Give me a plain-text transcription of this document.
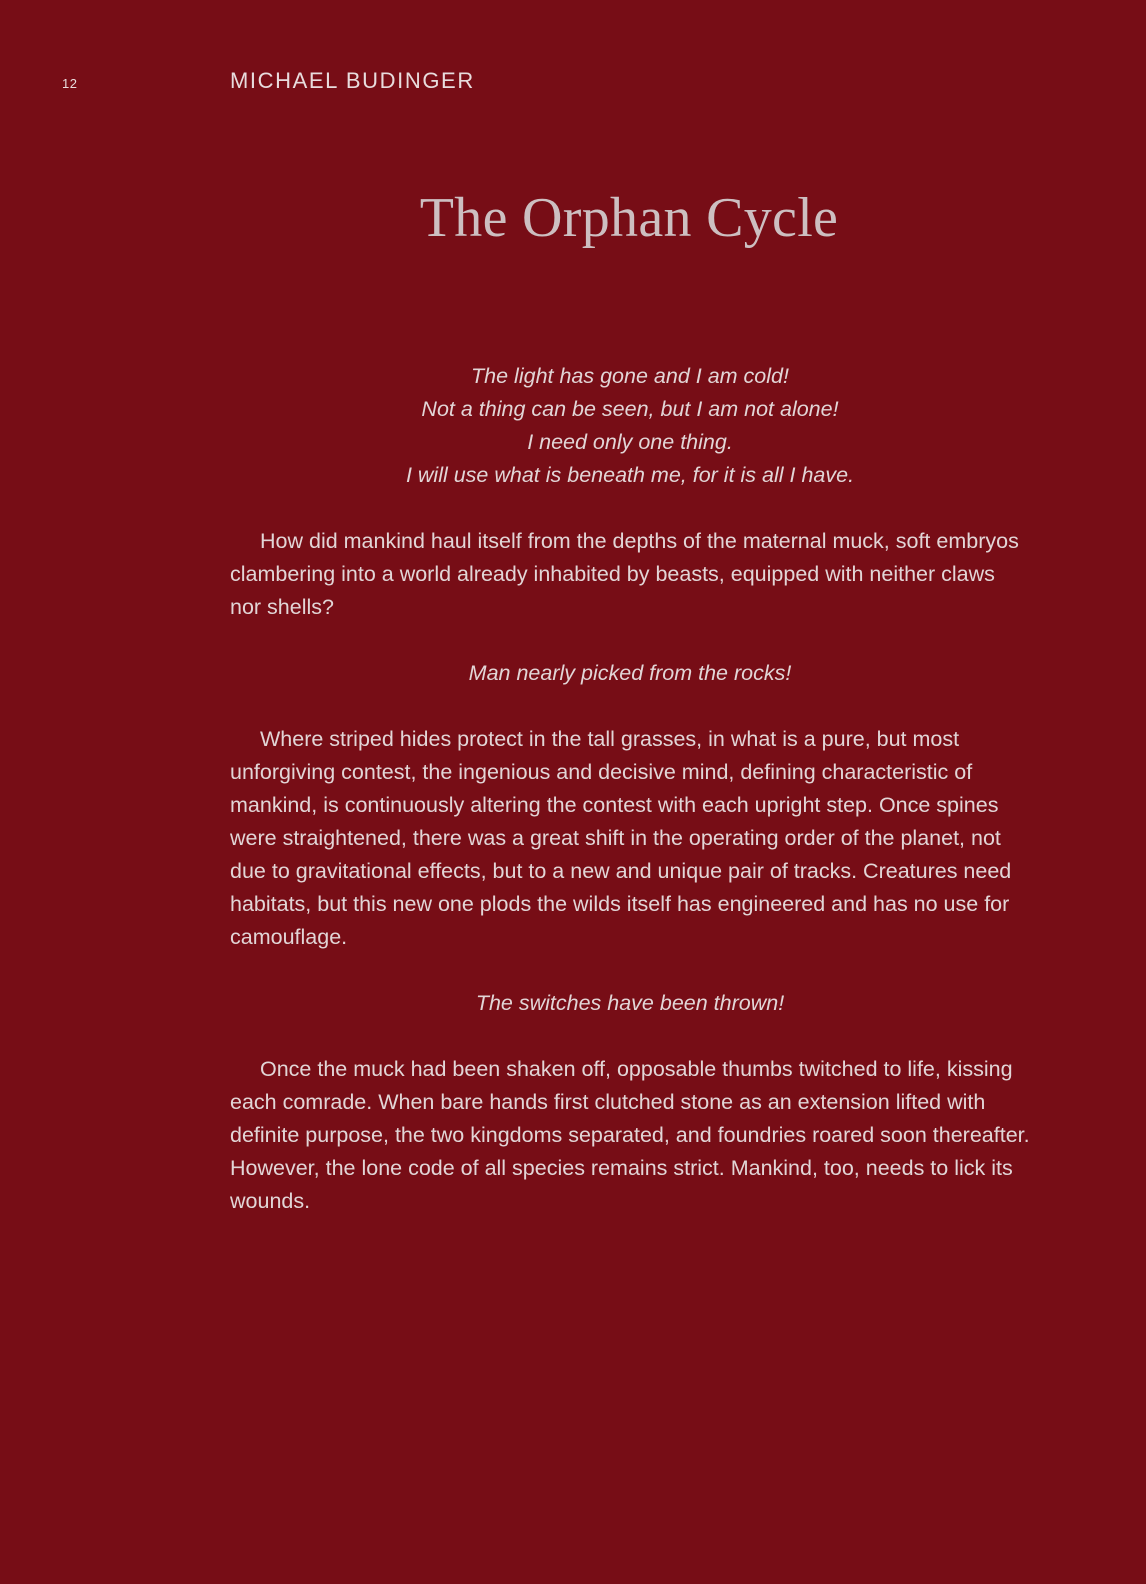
12	MICHAEL BUDINGER
The Orphan Cycle

The light has gone and I am cold!
Not a thing can be seen, but I am not alone!
I need only one thing.
I will use what is beneath me, for it is all I have.

How did mankind haul itself from the depths of the maternal muck, soft embryos clambering into a world already inhabited by beasts, equipped with neither claws nor shells?

Man nearly picked from the rocks!

Where striped hides protect in the tall grasses, in what is a pure, but most unforgiving contest, the ingenious and decisive mind, defining characteristic of mankind, is continuously altering the contest with each upright step. Once spines were straightened, there was a great shift in the operating order of the planet, not due to gravitational effects, but to a new and unique pair of tracks. Creatures need habitats, but this new one plods the wilds itself has engineered and has no use for camouflage.

The switches have been thrown!

Once the muck had been shaken off, opposable thumbs twitched to life, kissing each comrade. When bare hands first clutched stone as an extension lifted with definite purpose, the two kingdoms separated, and foundries roared soon thereafter. However, the lone code of all species remains strict. Mankind, too, needs to lick its wounds.
